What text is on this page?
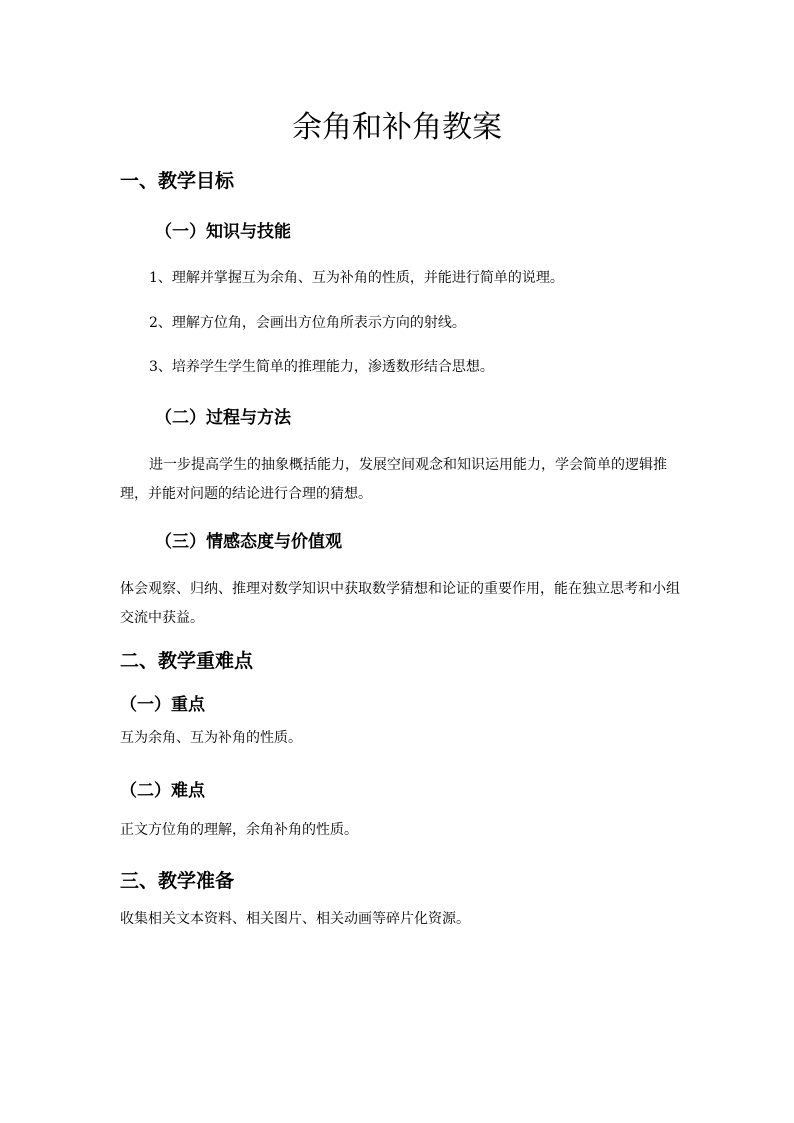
余角和补角教案
一、教学目标
（一）知识与技能

1、理解并掌握互为余角、互为补角的性质，并能进行简单的说理。

2、理解方位角，会画出方位角所表示方向的射线。

3、培养学生学生简单的推理能力，渗透数形结合思想。

（二）过程与方法

进一步提高学生的抽象概括能力，发展空间观念和知识运用能力，学会简单的逻辑推理，并能对问题的结论进行合理的猜想。

（三）情感态度与价值观

体会观察、归纳、推理对数学知识中获取数学猜想和论证的重要作用，能在独立思考和小组交流中获益。

二、教学重难点
（一）重点

互为余角、互为补角的性质。

（二）难点

正文方位角的理解，余角补角的性质。

三、教学准备

收集相关文本资料、相关图片、相关动画等碎片化资源。
